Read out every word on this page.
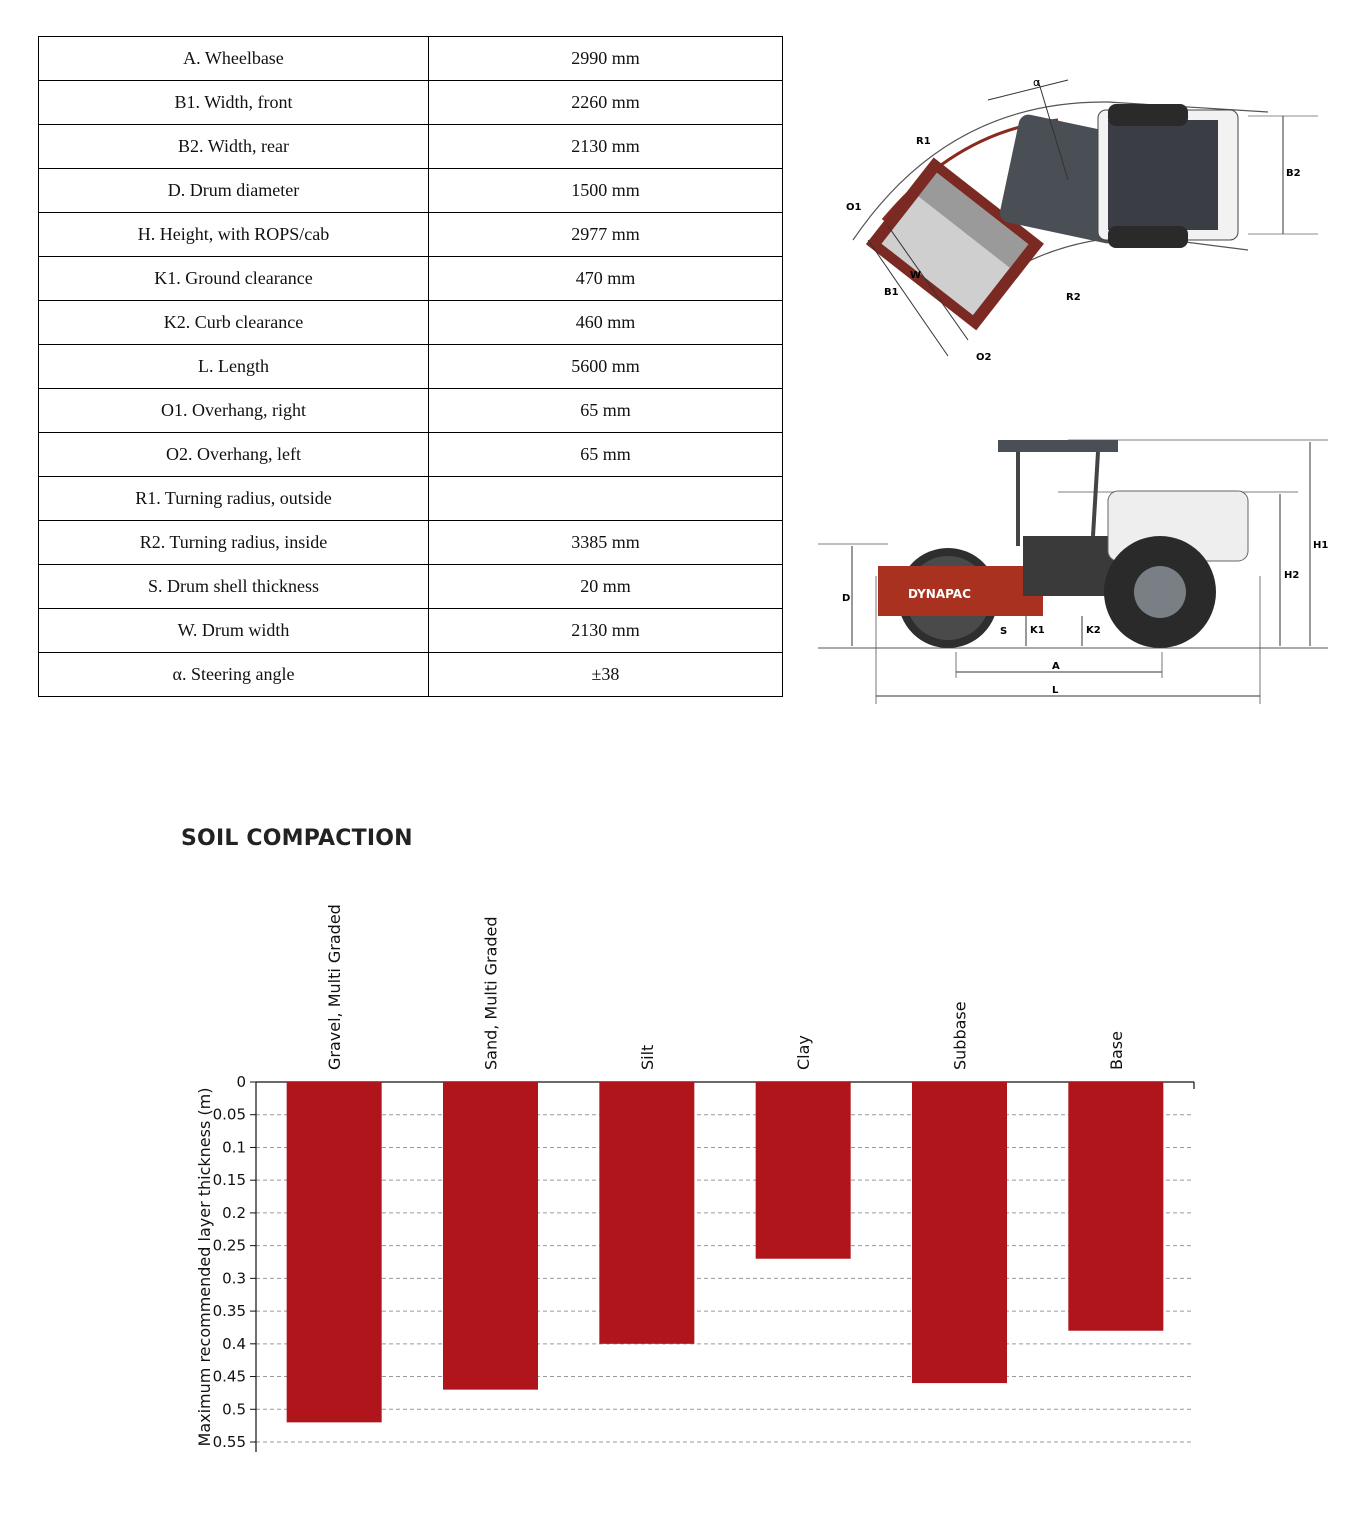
A. Wheelbase	2990 mm
B1. Width, front	2260 mm
B2. Width, rear	2130 mm
D. Drum diameter	1500 mm
H. Height, with ROPS/cab	2977 mm
K1. Ground clearance	470 mm
K2. Curb clearance	460 mm
L. Length	5600 mm
O1. Overhang, right	65 mm
O2. Overhang, left	65 mm
R1. Turning radius, outside	
R2. Turning radius, inside	3385 mm
S. Drum shell thickness	20 mm
W. Drum width	2130 mm
α. Steering angle	±38
α
R1
R2
O1
O2
B1
B2
W
DYNAPAC
D
S K1	K2
A
L
H1
H2
SOIL COMPACTION
0
0.05
0.1
0.15
0.2
0.25
0.3
0.35
0.4
0.45
0.5
0.55
Gravel, Multi Graded	Sand, Multi Graded	Silt	Clay	Subbase	Base
Maximum recommended layer thickness (m)
